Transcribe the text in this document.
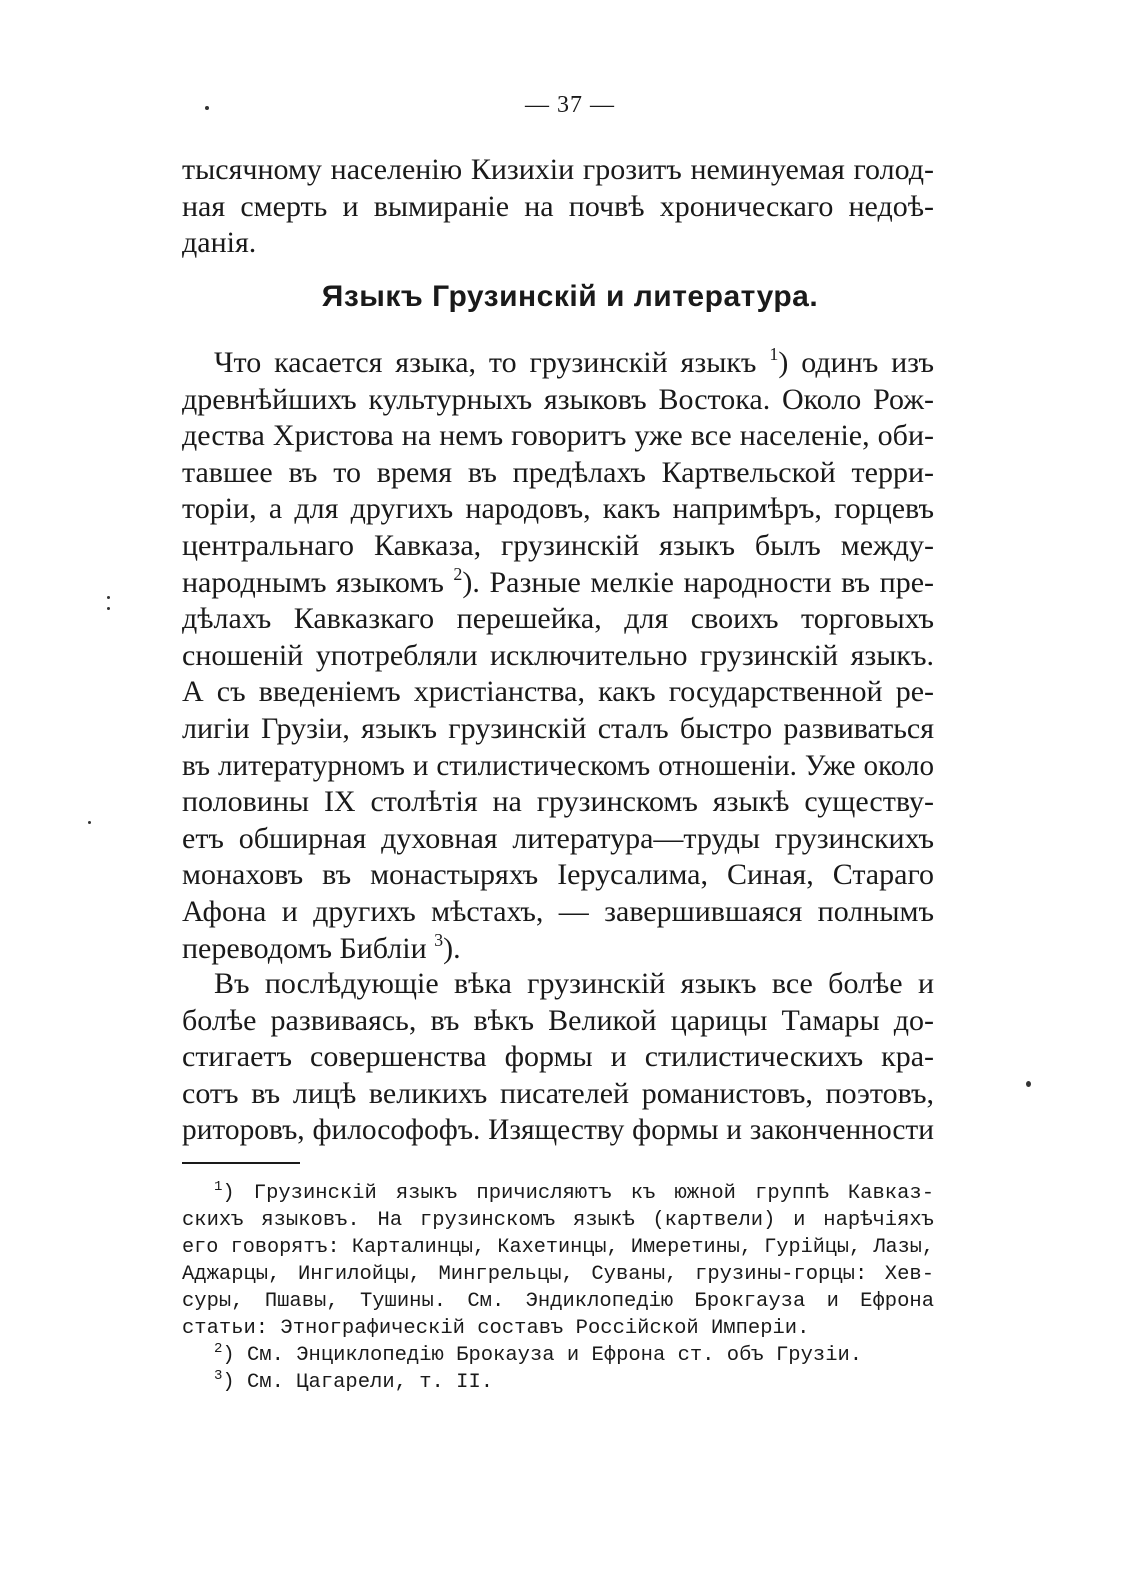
— 37 —
тысячному населенію Кизихіи грозитъ неминуемая голод-
ная смерть и вымираніе на почвѣ хроническаго недоѣ-
данія.
Языкъ Грузинскій и литература.
Что касается языка, то грузинскій языкъ $^1$) одинъ изъ
древнѣйшихъ культурныхъ языковъ Востока. Около Рож-
дества Христова на немъ говоритъ уже все населеніе, оби-
тавшее въ то время въ предѣлахъ Картвельской терри-
торіи, а для другихъ народовъ, какъ напримѣръ, горцевъ
центральнаго Кавказа, грузинскій языкъ былъ между-
народнымъ языкомъ $^2$). Разные мелкіе народности въ пре-
дѣлахъ Кавказкаго перешейка, для своихъ торговыхъ
сношеній употребляли исключительно грузинскій языкъ.
А съ введеніемъ христіанства, какъ государственной ре-
лигіи Грузіи, языкъ грузинскій сталъ быстро развиваться
въ литературномъ и стилистическомъ отношеніи. Уже около
половины IX столѣтія на грузинскомъ языкѣ существу-
етъ обширная духовная литература—труды грузинскихъ
монаховъ въ монастыряхъ Іерусалима, Синая, Стараго
Афона и другихъ мѣстахъ, — завершившаяся полнымъ
переводомъ Библіи $^3$).
Въ послѣдующіе вѣка грузинскій языкъ все болѣе и
болѣе развиваясь, въ вѣкъ Великой царицы Тамары до-
стигаетъ совершенства формы и стилистическихъ кра-
сотъ въ лицѣ великихъ писателей романистовъ, поэтовъ,
риторовъ, философофъ. Изяществу формы и законченности
$^1$) Грузинскій языкъ причисляютъ къ южной группѣ Кавказ-
скихъ языковъ. На грузинскомъ языкѣ (картвели) и нарѣчіяхъ
его говорятъ: Карталинцы, Кахетинцы, Имеретины, Гурійцы, Лазы,
Аджарцы, Ингилойцы, Мингрельцы, Суваны, грузины-горцы: Хев-
суры, Пшавы, Тушины. См. Эндиклопедію Брокгауза и Ефрона
статьи: Этнографическій составъ Россійской Имперіи.
$^2$) См. Энциклопедію Брокауза и Ефрона ст. объ Грузіи.
$^3$) См. Цагарели, т. II.
